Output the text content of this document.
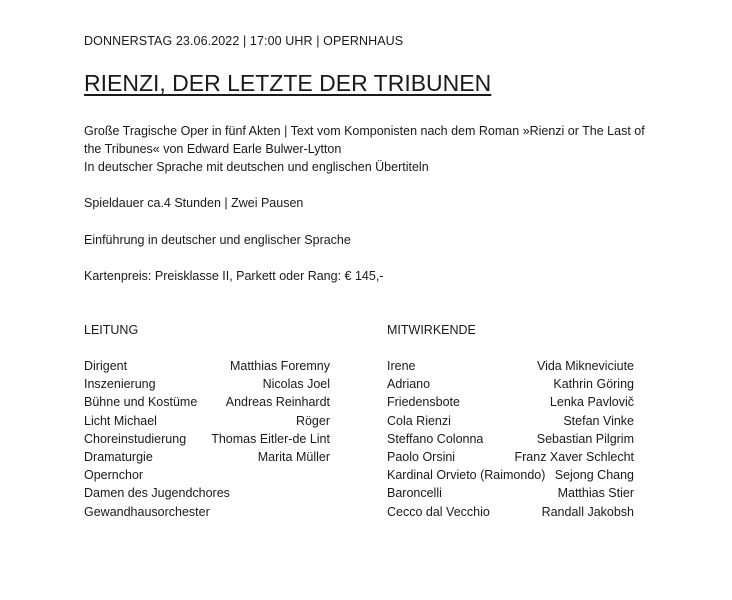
DONNERSTAG 23.06.2022 | 17:00 UHR | OPERNHAUS
RIENZI, DER LETZTE DER TRIBUNEN

Große Tragische Oper in fünf Akten | Text vom Komponisten nach dem Roman »Rienzi or The Last of the Tribunes« von Edward Earle Bulwer-Lytton

In deutscher Sprache mit deutschen und englischen Übertiteln

Spieldauer ca.4 Stunden | Zwei Pausen
Einführung in deutscher und englischer Sprache
Kartenpreis: Preisklasse II, Parkett oder Rang: € 145,-
LEITUNG
Dirigent	Matthias Foremny
Inszenierung	Nicolas Joel
Bühne und Kostüme Andreas Reinhardt
Licht Michael	Röger
Choreinstudierung Thomas Eitler-de Lint
Dramaturgie	Marita Müller
Opernchor
Damen des Jugendchores
Gewandhausorchester
MITWIRKENDE
Irene	Vida Mikneviciute
Adriano	Kathrin Göring
Friedensbote	Lenka Pavlovič
Cola Rienzi	Stefan Vinke
Steffano Colonna	Sebastian Pilgrim
Paolo Orsini	Franz Xaver Schlecht
Kardinal Orvieto (Raimondo) Sejong Chang
Baroncelli	Matthias Stier
Cecco dal Vecchio	Randall Jakobsh
